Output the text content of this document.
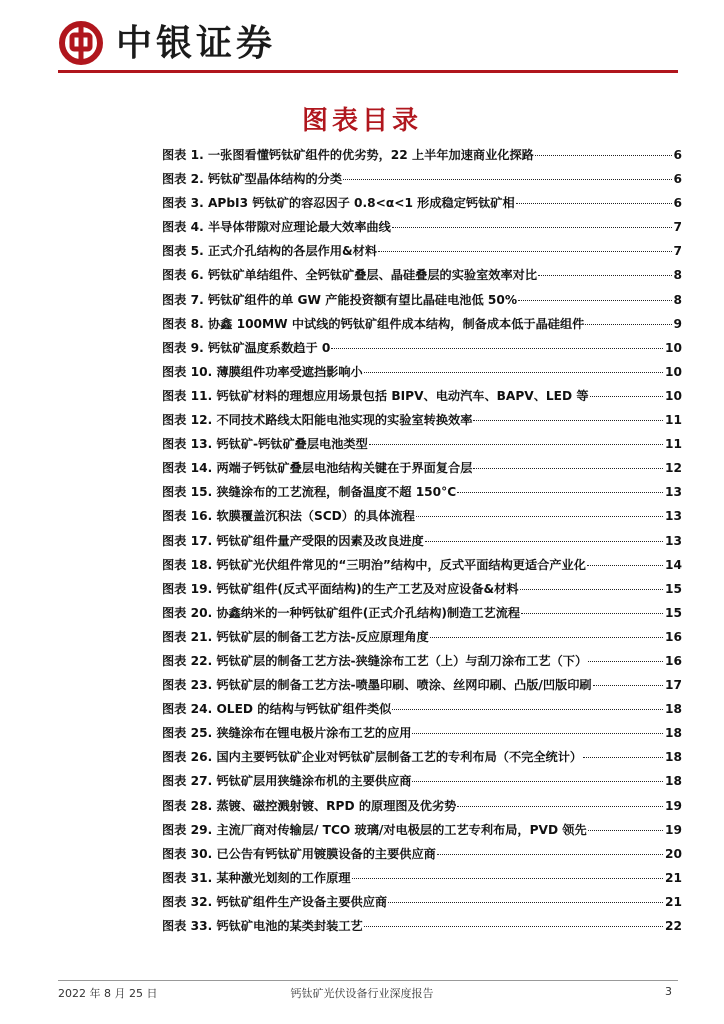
中银证券
图表目录
图表 1. 一张图看懂钙钛矿组件的优劣势，22 上半年加速商业化探路	6
图表 2. 钙钛矿型晶体结构的分类	6
图表 3. APbI3 钙钛矿的容忍因子 0.8<α<1 形成稳定钙钛矿相	6
图表 4. 半导体带隙对应理论最大效率曲线	7
图表 5. 正式介孔结构的各层作用&材料	7
图表 6. 钙钛矿单结组件、全钙钛矿叠层、晶硅叠层的实验室效率对比	8
图表 7. 钙钛矿组件的单 GW 产能投资额有望比晶硅电池低 50%	8
图表 8. 协鑫 100MW 中试线的钙钛矿组件成本结构，制备成本低于晶硅组件	9
图表 9. 钙钛矿温度系数趋于 0	10
图表 10. 薄膜组件功率受遮挡影响小	10
图表 11. 钙钛矿材料的理想应用场景包括 BIPV、电动汽车、BAPV、LED 等	10
图表 12. 不同技术路线太阳能电池实现的实验室转换效率	11
图表 13. 钙钛矿-钙钛矿叠层电池类型	11
图表 14. 两端子钙钛矿叠层电池结构关键在于界面复合层	12
图表 15. 狭缝涂布的工艺流程，制备温度不超 150°C	13
图表 16. 软膜覆盖沉积法（SCD）的具体流程	13
图表 17. 钙钛矿组件量产受限的因素及改良进度	13
图表 18. 钙钛矿光伏组件常见的“三明治”结构中，反式平面结构更适合产业化	14
图表 19. 钙钛矿组件(反式平面结构)的生产工艺及对应设备&材料	15
图表 20. 协鑫纳米的一种钙钛矿组件(正式介孔结构)制造工艺流程	15
图表 21. 钙钛矿层的制备工艺方法-反应原理角度	16
图表 22. 钙钛矿层的制备工艺方法-狭缝涂布工艺（上）与刮刀涂布工艺（下）	16
图表 23. 钙钛矿层的制备工艺方法-喷墨印刷、喷涂、丝网印刷、凸版/凹版印刷	17
图表 24. OLED 的结构与钙钛矿组件类似	18
图表 25. 狭缝涂布在锂电极片涂布工艺的应用	18
图表 26. 国内主要钙钛矿企业对钙钛矿层制备工艺的专利布局（不完全统计）	18
图表 27. 钙钛矿层用狭缝涂布机的主要供应商	18
图表 28. 蒸镀、磁控溅射镀、RPD 的原理图及优劣势	19
图表 29. 主流厂商对传输层/ TCO 玻璃/对电极层的工艺专利布局，PVD 领先	19
图表 30. 已公告有钙钛矿用镀膜设备的主要供应商	20
图表 31. 某种激光划刻的工作原理	21
图表 32. 钙钛矿组件生产设备主要供应商	21
图表 33. 钙钛矿电池的某类封装工艺	22
2022 年 8 月 25 日	钙钛矿光伏设备行业深度报告	3
